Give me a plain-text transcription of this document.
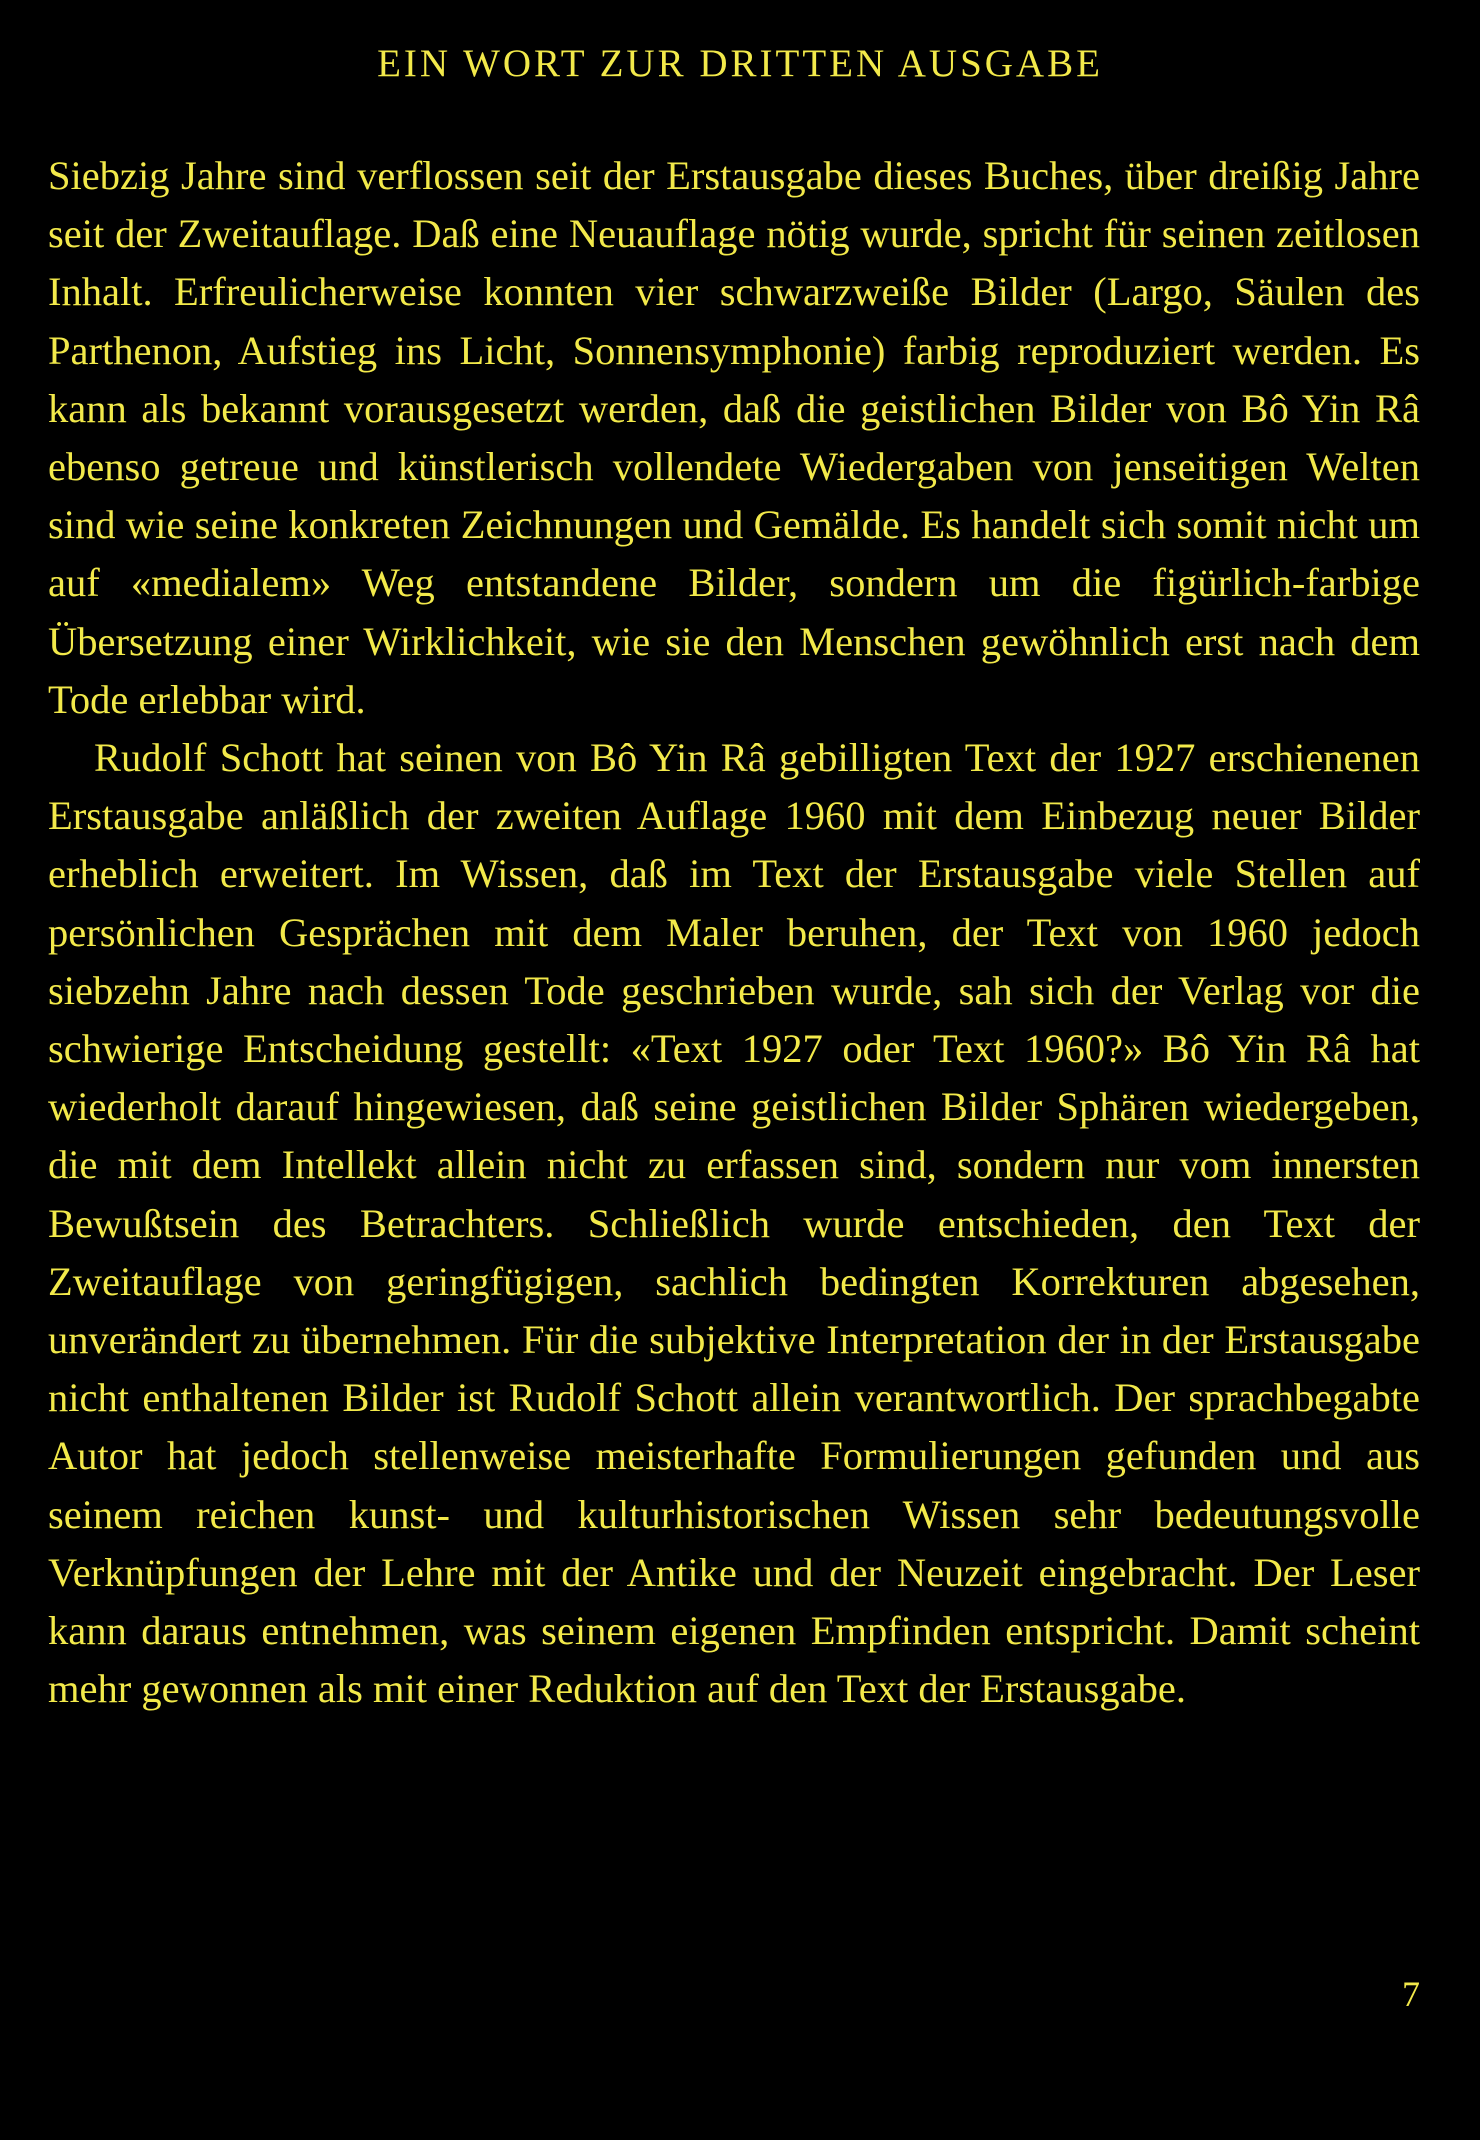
EIN WORT ZUR DRITTEN AUSGABE

Siebzig Jahre sind verflossen seit der Erstausgabe dieses Buches, über dreißig Jahre seit der Zweitauflage. Daß eine Neuauflage nötig wurde, spricht für seinen zeitlosen Inhalt. Erfreulicherweise konnten vier schwarzweiße Bilder (Largo, Säulen des Parthenon, Aufstieg ins Licht, Sonnensymphonie) farbig reproduziert werden. Es kann als bekannt vorausgesetzt werden, daß die geistlichen Bilder von Bô Yin Râ ebenso getreue und künstlerisch vollendete Wiedergaben von jenseitigen Welten sind wie seine konkreten Zeichnungen und Gemälde. Es handelt sich somit nicht um auf «medialem» Weg entstandene Bilder, sondern um die figürlich-farbige Übersetzung einer Wirklichkeit, wie sie den Menschen gewöhnlich erst nach dem Tode erlebbar wird.

Rudolf Schott hat seinen von Bô Yin Râ gebilligten Text der 1927 erschienenen Erstausgabe anläßlich der zweiten Auflage 1960 mit dem Einbezug neuer Bilder erheblich erweitert. Im Wissen, daß im Text der Erstausgabe viele Stellen auf persönlichen Gesprächen mit dem Maler beruhen, der Text von 1960 jedoch siebzehn Jahre nach dessen Tode geschrieben wurde, sah sich der Verlag vor die schwierige Entscheidung gestellt: «Text 1927 oder Text 1960?» Bô Yin Râ hat wiederholt darauf hingewiesen, daß seine geistlichen Bilder Sphären wiedergeben, die mit dem Intellekt allein nicht zu erfassen sind, sondern nur vom innersten Bewußtsein des Betrachters. Schließlich wurde entschieden, den Text der Zweitauflage von geringfügigen, sachlich bedingten Korrekturen abgesehen, unverändert zu übernehmen. Für die subjektive Interpretation der in der Erstausgabe nicht enthaltenen Bilder ist Rudolf Schott allein verantwortlich. Der sprachbegabte Autor hat jedoch stellenweise meisterhafte Formulierungen gefunden und aus seinem reichen kunst- und kulturhistorischen Wissen sehr bedeutungsvolle Verknüpfungen der Lehre mit der Antike und der Neuzeit eingebracht. Der Leser kann daraus entnehmen, was seinem eigenen Empfinden entspricht. Damit scheint mehr gewonnen als mit einer Reduktion auf den Text der Erstausgabe.

7
